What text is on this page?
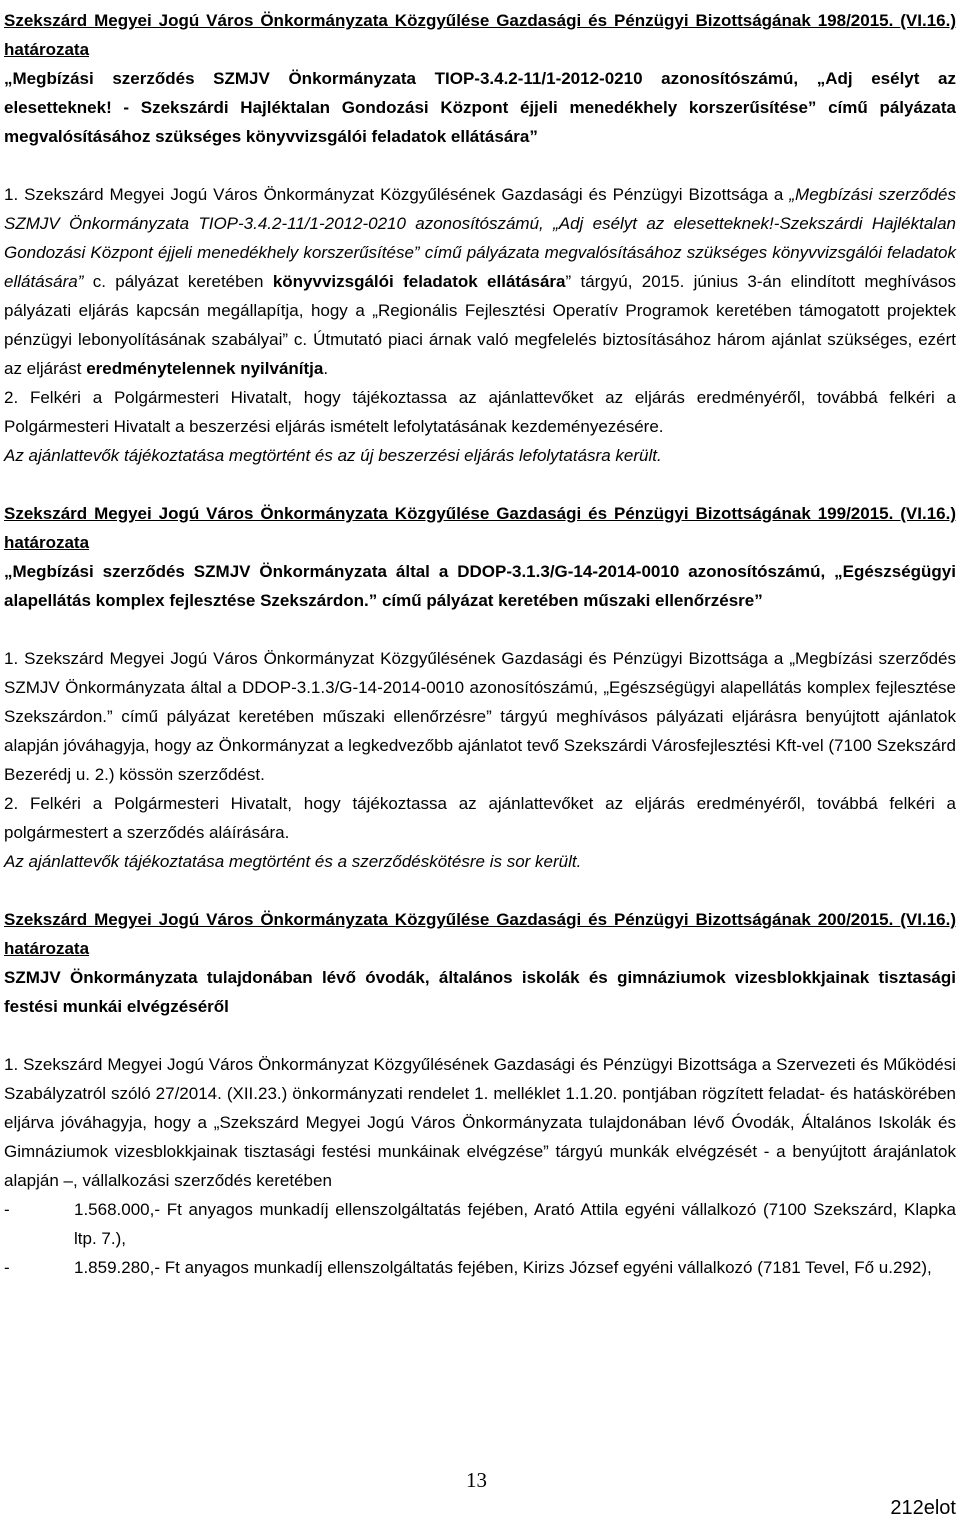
Szekszárd Megyei Jogú Város Önkormányzata Közgyűlése Gazdasági és Pénzügyi Bizottságának 198/2015. (VI.16.) határozata

„Megbízási szerződés SZMJV Önkormányzata TIOP-3.4.2-11/1-2012-0210 azonosítószámú, „Adj esélyt az elesetteknek! - Szekszárdi Hajléktalan Gondozási Központ éjjeli menedékhely korszerűsítése” című pályázata megvalósításához szükséges könyvvizsgálói feladatok ellátására”

1. Szekszárd Megyei Jogú Város Önkormányzat Közgyűlésének Gazdasági és Pénzügyi Bizottsága a „Megbízási szerződés SZMJV Önkormányzata TIOP-3.4.2-11/1-2012-0210 azonosítószámú, „Adj esélyt az elesetteknek!-Szekszárdi Hajléktalan Gondozási Központ éjjeli menedékhely korszerűsítése” című pályázata megvalósításához szükséges könyvvizsgálói feladatok ellátására” c. pályázat keretében könyvvizsgálói feladatok ellátására” tárgyú, 2015. június 3-án elindított meghívásos pályázati eljárás kapcsán megállapítja, hogy a „Regionális Fejlesztési Operatív Programok keretében támogatott projektek pénzügyi lebonyolításának szabályai” c. Útmutató piaci árnak való megfelelés biztosításához három ajánlat szükséges, ezért az eljárást eredménytelennek nyilvánítja.

2. Felkéri a Polgármesteri Hivatalt, hogy tájékoztassa az ajánlattevőket az eljárás eredményéről, továbbá felkéri a Polgármesteri Hivatalt a beszerzési eljárás ismételt lefolytatásának kezdeményezésére.

Az ajánlattevők tájékoztatása megtörtént és az új beszerzési eljárás lefolytatásra került.

Szekszárd Megyei Jogú Város Önkormányzata Közgyűlése Gazdasági és Pénzügyi Bizottságának 199/2015. (VI.16.) határozata

„Megbízási szerződés SZMJV Önkormányzata által a DDOP-3.1.3/G-14-2014-0010 azonosítószámú, „Egészségügyi alapellátás komplex fejlesztése Szekszárdon.” című pályázat keretében műszaki ellenőrzésre”

1. Szekszárd Megyei Jogú Város Önkormányzat Közgyűlésének Gazdasági és Pénzügyi Bizottsága a „Megbízási szerződés SZMJV Önkormányzata által a DDOP-3.1.3/G-14-2014-0010 azonosítószámú, „Egészségügyi alapellátás komplex fejlesztése Szekszárdon.” című pályázat keretében műszaki ellenőrzésre” tárgyú meghívásos pályázati eljárásra benyújtott ajánlatok alapján jóváhagyja, hogy az Önkormányzat a legkedvezőbb ajánlatot tevő Szekszárdi Városfejlesztési Kft-vel (7100 Szekszárd Bezerédj u. 2.) kössön szerződést.

2. Felkéri a Polgármesteri Hivatalt, hogy tájékoztassa az ajánlattevőket az eljárás eredményéről, továbbá felkéri a polgármestert a szerződés aláírására.

Az ajánlattevők tájékoztatása megtörtént és a szerződéskötésre is sor került.

Szekszárd Megyei Jogú Város Önkormányzata Közgyűlése Gazdasági és Pénzügyi Bizottságának 200/2015. (VI.16.) határozata

SZMJV Önkormányzata tulajdonában lévő óvodák, általános iskolák és gimnáziumok vizesblokkjainak tisztasági festési munkái elvégzéséről

1. Szekszárd Megyei Jogú Város Önkormányzat Közgyűlésének Gazdasági és Pénzügyi Bizottsága a Szervezeti és Működési Szabályzatról szóló 27/2014. (XII.23.) önkormányzati rendelet 1. melléklet 1.1.20. pontjában rögzített feladat- és hatáskörében eljárva jóváhagyja, hogy a „Szekszárd Megyei Jogú Város Önkormányzata tulajdonában lévő Óvodák, Általános Iskolák és Gimnáziumok vizesblokkjainak tisztasági festési munkáinak elvégzése” tárgyú munkák elvégzését - a benyújtott árajánlatok alapján –, vállalkozási szerződés keretében

-	1.568.000,- Ft anyagos munkadíj ellenszolgáltatás fejében, Arató Attila egyéni vállalkozó (7100 Szekszárd, Klapka ltp. 7.),
-	1.859.280,- Ft anyagos munkadíj ellenszolgáltatás fejében, Kirizs József egyéni vállalkozó (7181 Tevel, Fő u.292),
13
212elot
